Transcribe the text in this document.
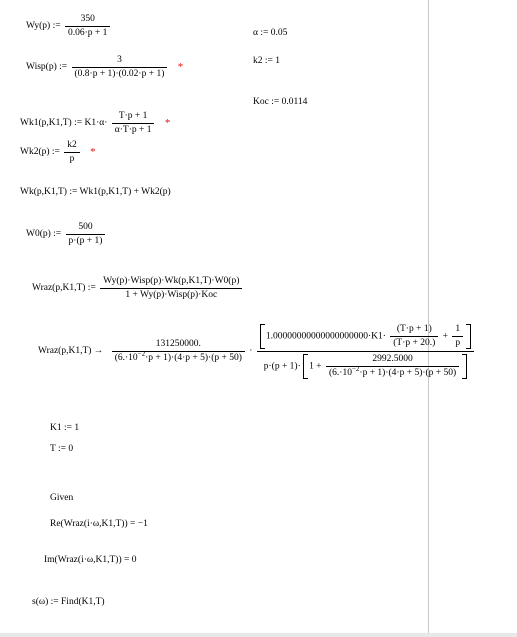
Wy(p) := $\frac{350}{0.06\cdot p + 1}$	α := 0.05
Wisp(p) := $\frac{3}{(0.8\cdot p + 1)\cdot(0.02\cdot p + 1)}$ *	k2 := 1
Koc := 0.0114
Wk1(p,K1,T) := $K1\cdot\alpha\cdot \frac{T\cdot p + 1}{\alpha\cdot T\cdot p + 1}$ *
Wk2(p) := $\frac{k2}{p}$ *
Wk(p,K1,T) := Wk1(p,K1,T) + Wk2(p)
W0(p) := $\frac{500}{p\cdot(p + 1)}$
Wraz(p,K1,T) :=
Wy(p)·Wisp(p)·Wk(p,K1,T)·W0(p)
1 + Wy(p)·Wisp(p)·Koc
Wraz(p,K1,T) → $\frac{131250000.}{(6.\cdot 10^{-2}\cdot p + 1)\cdot(4\cdot p + 5)\cdot(p + 50)}$ ·
$1.00000000000000000000\cdot K1\cdot \frac{(T\cdot p + 1)}{(T\cdot p + 20.)} + \frac{1}{p}$
$p\cdot(p + 1)\cdot 1 + \frac{2992.5000}{(6.\cdot 10^{-2}\cdot p + 1)\cdot(4\cdot p + 5)\cdot(p + 50)}$
K1 := 1
T := 0
Given
Re(Wraz(i·ω,K1,T)) = −1
Im(Wraz(i·ω,K1,T)) = 0
s(ω) := Find(K1,T)
